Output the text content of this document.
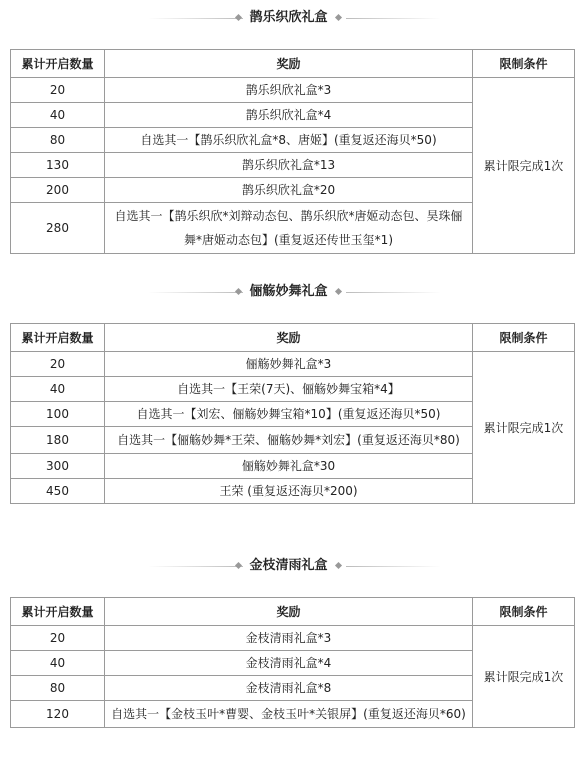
鹊乐织欣礼盒
累计开启数量	奖励	限制条件
20	鹊乐织欣礼盒*3	累计限完成1次
40	鹊乐织欣礼盒*4	
80	自选其一【鹊乐织欣礼盒*8、唐姬】(重复返还海贝*50)	
130	鹊乐织欣礼盒*13	
200	鹊乐织欣礼盒*20	
280	自选其一【鹊乐织欣*刘辩动态包、鹊乐织欣*唐姬动态包、昊珠俪舞*唐姬动态包】(重复返还传世玉玺*1)	
俪觞妙舞礼盒
累计开启数量	奖励	限制条件
20	俪觞妙舞礼盒*3	累计限完成1次
40	自选其一【王荣(7天)、俪觞妙舞宝箱*4】	
100	自选其一【刘宏、俪觞妙舞宝箱*10】(重复返还海贝*50)	
180	自选其一【俪觞妙舞*王荣、俪觞妙舞*刘宏】(重复返还海贝*80)	
300	俪觞妙舞礼盒*30	
450	王荣 (重复返还海贝*200)	
金枝清雨礼盒
累计开启数量	奖励	限制条件
20	金枝清雨礼盒*3	累计限完成1次
40	金枝清雨礼盒*4	
80	金枝清雨礼盒*8	
120	自选其一【金枝玉叶*曹婴、金枝玉叶*关银屏】(重复返还海贝*60)	
